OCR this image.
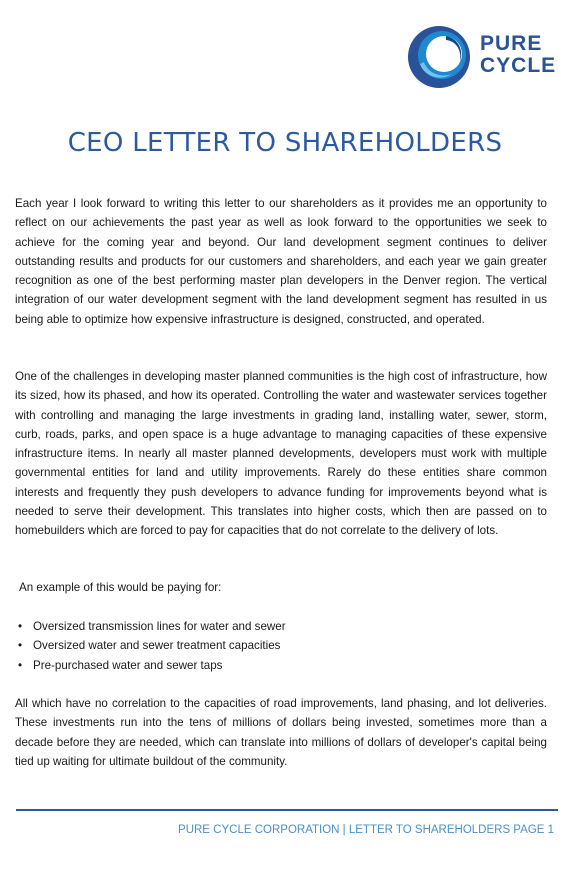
PURE
CYCLE
CEO LETTER TO SHAREHOLDERS
Each year I look forward to writing this letter to our shareholders as it provides me an opportunity to reflect on our achievements the past year as well as look forward to the opportunities we seek to achieve for the coming year and beyond. Our land development segment continues to deliver outstanding results and products for our customers and shareholders, and each year we gain greater recognition as one of the best performing master plan developers in the Denver region. The vertical integration of our water development segment with the land development segment has resulted in us being able to optimize how expensive infrastructure is designed, constructed, and operated.
One of the challenges in developing master planned communities is the high cost of infrastructure, how its sized, how its phased, and how its operated. Controlling the water and wastewater services together with controlling and managing the large investments in grading land, installing water, sewer, storm, curb, roads, parks, and open space is a huge advantage to managing capacities of these expensive infrastructure items. In nearly all master planned developments, developers must work with multiple governmental entities for land and utility improvements. Rarely do these entities share common interests and frequently they push developers to advance funding for improvements beyond what is needed to serve their development. This translates into higher costs, which then are passed on to homebuilders which are forced to pay for capacities that do not correlate to the delivery of lots.
An example of this would be paying for:
• Oversized transmission lines for water and sewer
• Oversized water and sewer treatment capacities
• Pre-purchased water and sewer taps
All which have no correlation to the capacities of road improvements, land phasing, and lot deliveries. These investments run into the tens of millions of dollars being invested, sometimes more than a decade before they are needed, which can translate into millions of dollars of developer's capital being tied up waiting for ultimate buildout of the community.
PURE CYCLE CORPORATION | LETTER TO SHAREHOLDERS PAGE 1
